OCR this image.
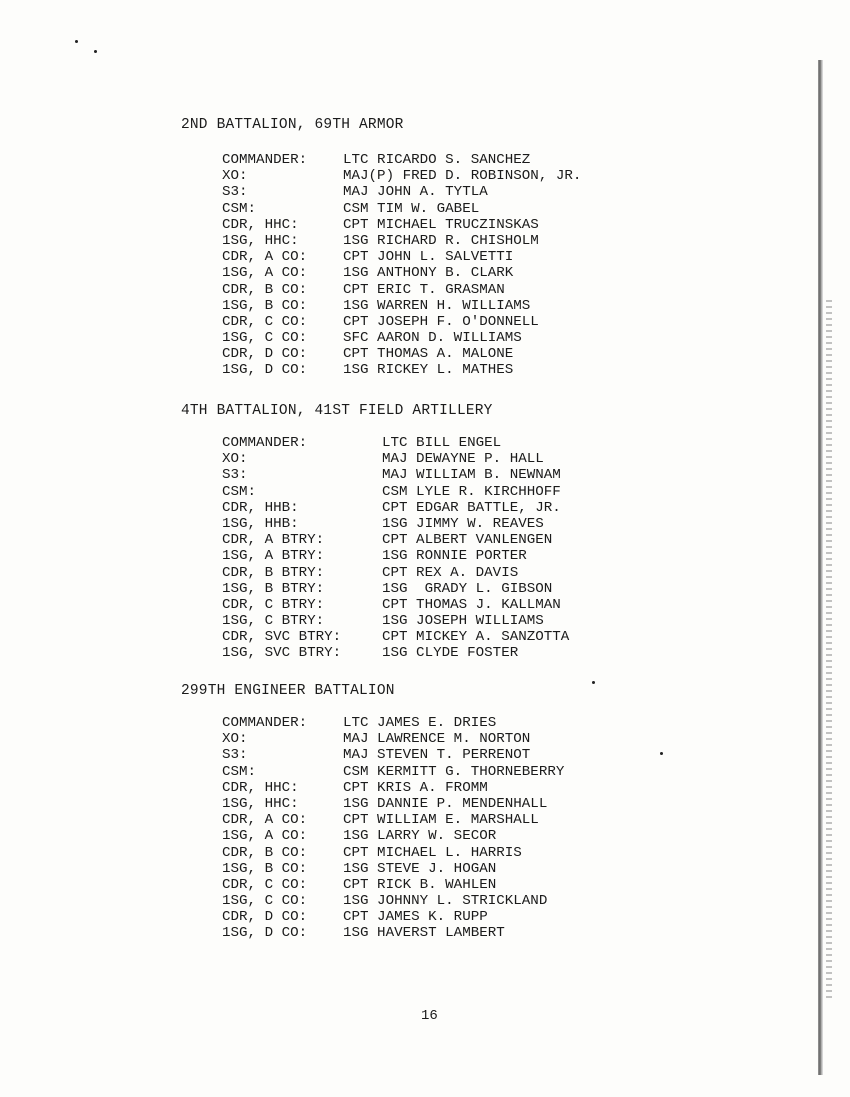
2ND BATTALION, 69TH ARMOR
COMMANDER:	LTC RICARDO S. SANCHEZ
XO:	MAJ(P) FRED D. ROBINSON, JR.
S3:	MAJ JOHN A. TYTLA
CSM:	CSM TIM W. GABEL
CDR, HHC:	CPT MICHAEL TRUCZINSKAS
1SG, HHC:	1SG RICHARD R. CHISHOLM
CDR, A CO:	CPT JOHN L. SALVETTI
1SG, A CO:	1SG ANTHONY B. CLARK
CDR, B CO:	CPT ERIC T. GRASMAN
1SG, B CO:	1SG WARREN H. WILLIAMS
CDR, C CO:	CPT JOSEPH F. O'DONNELL
1SG, C CO:	SFC AARON D. WILLIAMS
CDR, D CO:	CPT THOMAS A. MALONE
1SG, D CO:	1SG RICKEY L. MATHES
4TH BATTALION, 41ST FIELD ARTILLERY
COMMANDER:	LTC BILL ENGEL
XO:	MAJ DEWAYNE P. HALL
S3:	MAJ WILLIAM B. NEWNAM
CSM:	CSM LYLE R. KIRCHHOFF
CDR, HHB:	CPT EDGAR BATTLE, JR.
1SG, HHB:	1SG JIMMY W. REAVES
CDR, A BTRY:	CPT ALBERT VANLENGEN
1SG, A BTRY:	1SG RONNIE PORTER
CDR, B BTRY:	CPT REX A. DAVIS
1SG, B BTRY:	1SG  GRADY L. GIBSON
CDR, C BTRY:	CPT THOMAS J. KALLMAN
1SG, C BTRY:	1SG JOSEPH WILLIAMS
CDR, SVC BTRY:	CPT MICKEY A. SANZOTTA
1SG, SVC BTRY:	1SG CLYDE FOSTER
299TH ENGINEER BATTALION
COMMANDER:	LTC JAMES E. DRIES
XO:	MAJ LAWRENCE M. NORTON
S3:	MAJ STEVEN T. PERRENOT
CSM:	CSM KERMITT G. THORNEBERRY
CDR, HHC:	CPT KRIS A. FROMM
1SG, HHC:	1SG DANNIE P. MENDENHALL
CDR, A CO:	CPT WILLIAM E. MARSHALL
1SG, A CO:	1SG LARRY W. SECOR
CDR, B CO:	CPT MICHAEL L. HARRIS
1SG, B CO:	1SG STEVE J. HOGAN
CDR, C CO:	CPT RICK B. WAHLEN
1SG, C CO:	1SG JOHNNY L. STRICKLAND
CDR, D CO:	CPT JAMES K. RUPP
1SG, D CO:	1SG HAVERST LAMBERT
16
